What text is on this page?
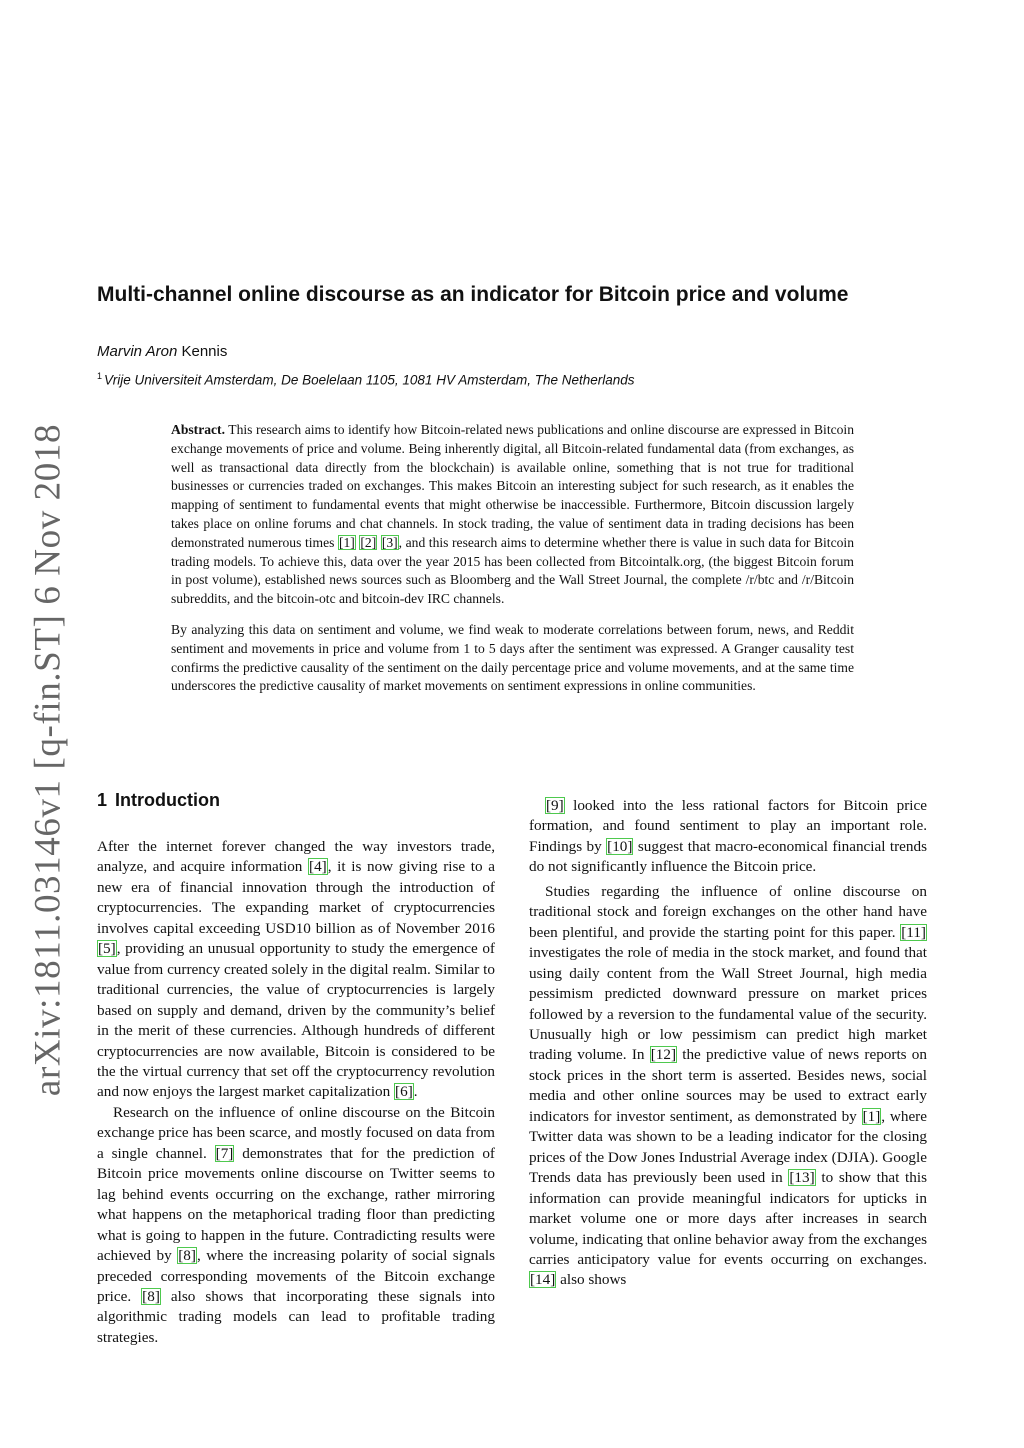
arXiv:1811.03146v1 [q-fin.ST] 6 Nov 2018
Multi-channel online discourse as an indicator for Bitcoin price and volume
Marvin Aron Kennis
$^1$ Vrije Universiteit Amsterdam, De Boelelaan 1105, 1081 HV Amsterdam, The Netherlands

Abstract. This research aims to identify how Bitcoin-related news publications and online discourse are expressed in Bitcoin exchange movements of price and volume. Being inherently digital, all Bitcoin-related fundamental data (from exchanges, as well as transactional data directly from the blockchain) is available online, something that is not true for traditional businesses or currencies traded on exchanges. This makes Bitcoin an interesting subject for such research, as it enables the mapping of sentiment to fundamental events that might otherwise be inaccessible. Furthermore, Bitcoin discussion largely takes place on online forums and chat channels. In stock trading, the value of sentiment data in trading decisions has been demonstrated numerous times [1] [2] [3], and this research aims to determine whether there is value in such data for Bitcoin trading models. To achieve this, data over the year 2015 has been collected from Bitcointalk.org, (the biggest Bitcoin forum in post volume), established news sources such as Bloomberg and the Wall Street Journal, the complete /r/btc and /r/Bitcoin subreddits, and the bitcoin-otc and bitcoin-dev IRC channels.

By analyzing this data on sentiment and volume, we find weak to moderate correlations between forum, news, and Reddit sentiment and movements in price and volume from 1 to 5 days after the sentiment was expressed. A Granger causality test confirms the predictive causality of the sentiment on the daily percentage price and volume movements, and at the same time underscores the predictive causality of market movements on sentiment expressions in online communities.

1 Introduction

After the internet forever changed the way investors trade, analyze, and acquire information [4], it is now giving rise to a new era of financial innovation through the introduction of cryptocurrencies. The expanding market of cryptocurrencies involves capital exceeding USD10 billion as of November 2016 [5], providing an unusual opportunity to study the emergence of value from currency created solely in the digital realm. Similar to traditional currencies, the value of cryptocurrencies is largely based on supply and demand, driven by the community’s belief in the merit of these currencies. Although hundreds of different cryptocurrencies are now available, Bitcoin is considered to be the the virtual currency that set off the cryptocurrency revolution and now enjoys the largest market capitalization [6].

Research on the influence of online discourse on the Bitcoin exchange price has been scarce, and mostly focused on data from a single channel. [7] demonstrates that for the prediction of Bitcoin price movements online discourse on Twitter seems to lag behind events occurring on the exchange, rather mirroring what happens on the metaphorical trading floor than predicting what is going to happen in the future. Contradicting results were achieved by [8], where the increasing polarity of social signals preceded corresponding movements of the Bitcoin exchange price. [8] also shows that incorporating these signals into algorithmic trading models can lead to profitable trading strategies.

[9] looked into the less rational factors for Bitcoin price formation, and found sentiment to play an important role. Findings by [10] suggest that macro-economical financial trends do not significantly influence the Bitcoin price.

Studies regarding the influence of online discourse on traditional stock and foreign exchanges on the other hand have been plentiful, and provide the starting point for this paper. [11] investigates the role of media in the stock market, and found that using daily content from the Wall Street Journal, high media pessimism predicted downward pressure on market prices followed by a reversion to the fundamental value of the security. Unusually high or low pessimism can predict high market trading volume. In [12] the predictive value of news reports on stock prices in the short term is asserted. Besides news, social media and other online sources may be used to extract early indicators for investor sentiment, as demonstrated by [1], where Twitter data was shown to be a leading indicator for the closing prices of the Dow Jones Industrial Average index (DJIA). Google Trends data has previously been used in [13] to show that this information can provide meaningful indicators for upticks in market volume one or more days after increases in search volume, indicating that online behavior away from the exchanges carries anticipatory value for events occurring on exchanges. [14] also shows
